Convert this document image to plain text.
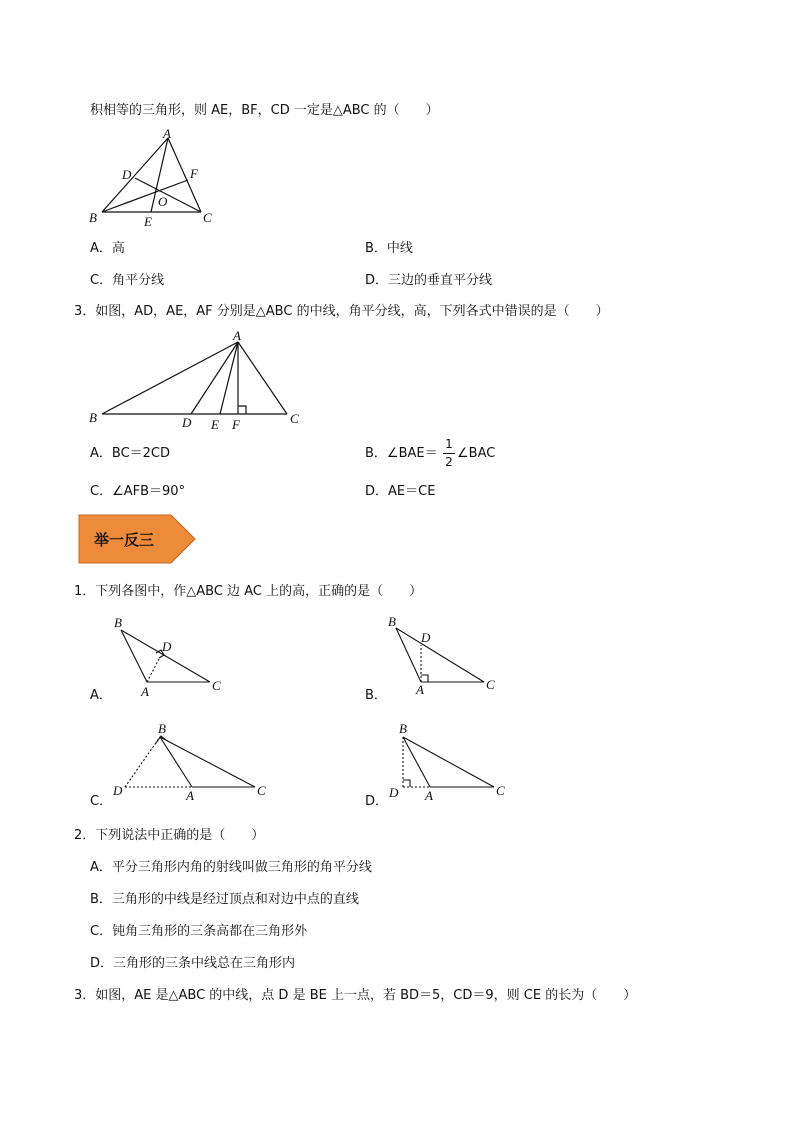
积相等的三角形，则 AE，BF，CD 一定是△ABC 的（　　）
A
B	C
D
E
F
O
A．高	B．中线
C．角平分线	D．三边的垂直平分线
3．如图，AD，AE，AF 分别是△ABC 的中线，角平分线，高，下列各式中错误的是（　　）
A
B	C
D E F
A．BC＝2CD	B．∠BAE＝
1
2
∠BAC
C．∠AFB＝90°	D．AE＝CE
举一反三
1．下列各图中，作△ABC 边 AC 上的高，正确的是（　　）
B
D
A	C
B
D
A	C
B
D	A	C
B
D A	C
A．	B．
C．	D．
2．下列说法中正确的是（　　）
A．平分三角形内角的射线叫做三角形的角平分线
B．三角形的中线是经过顶点和对边中点的直线
C．钝角三角形的三条高都在三角形外
D．三角形的三条中线总在三角形内
3．如图，AE 是△ABC 的中线，点 D 是 BE 上一点，若 BD＝5，CD＝9，则 CE 的长为（　　）
